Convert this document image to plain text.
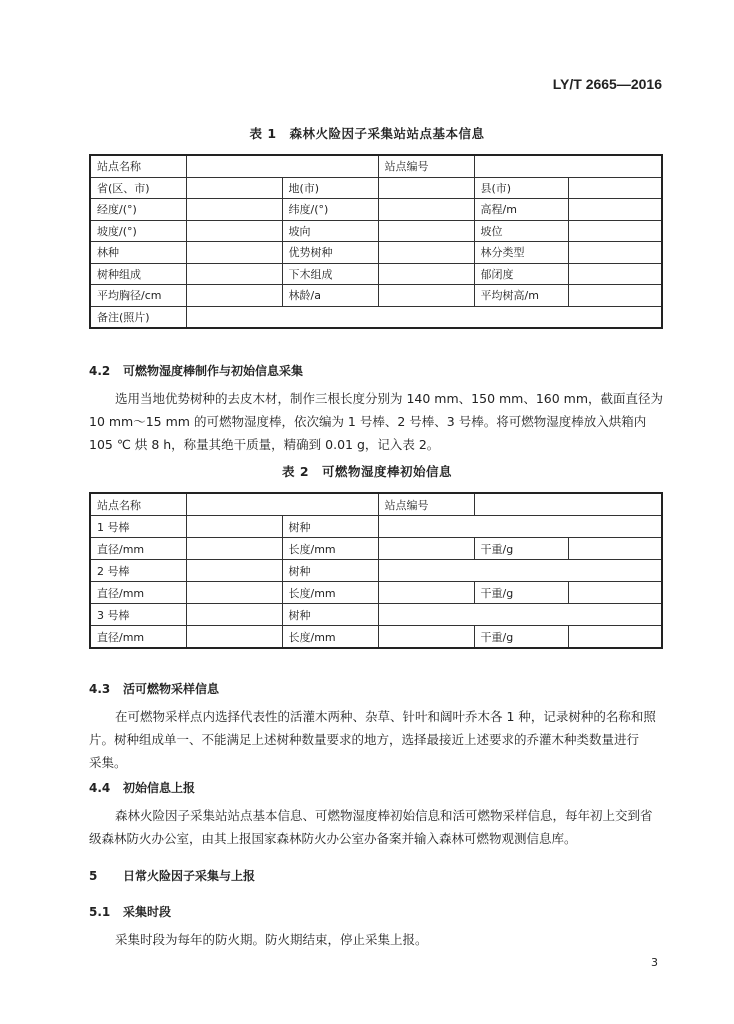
LY/T 2665—2016
表 1　森林火险因子采集站站点基本信息
站点名称			站点编号		
省(区、市)		地(市)		县(市)	
经度/(°)		纬度/(°)		高程/m	
坡度/(°)		坡向		坡位	
林种		优势树种		林分类型	
树种组成		下木组成		郁闭度	
平均胸径/cm		林龄/a		平均树高/m	
备注(照片)					
4.2 可燃物湿度棒制作与初始信息采集
选用当地优势树种的去皮木材，制作三根长度分别为 140 mm、150 mm、160 mm，截面直径为
10 mm～15 mm 的可燃物湿度棒，依次编为 1 号棒、2 号棒、3 号棒。将可燃物湿度棒放入烘箱内
105 ℃ 烘 8 h，称量其绝干质量，精确到 0.01 g，记入表 2。
表 2　可燃物湿度棒初始信息
站点名称			站点编号		
1 号棒		树种			
直径/mm		长度/mm		干重/g	
2 号棒		树种			
直径/mm		长度/mm		干重/g	
3 号棒		树种			
直径/mm		长度/mm		干重/g	
4.3 活可燃物采样信息
在可燃物采样点内选择代表性的活灌木两种、杂草、针叶和阔叶乔木各 1 种，记录树种的名称和照
片。树种组成单一、不能满足上述树种数量要求的地方，选择最接近上述要求的乔灌木种类数量进行
采集。
4.4 初始信息上报
森林火险因子采集站站点基本信息、可燃物湿度棒初始信息和活可燃物采样信息，每年初上交到省
级森林防火办公室，由其上报国家森林防火办公室办备案并输入森林可燃物观测信息库。
5 日常火险因子采集与上报
5.1 采集时段
采集时段为每年的防火期。防火期结束，停止采集上报。
3
